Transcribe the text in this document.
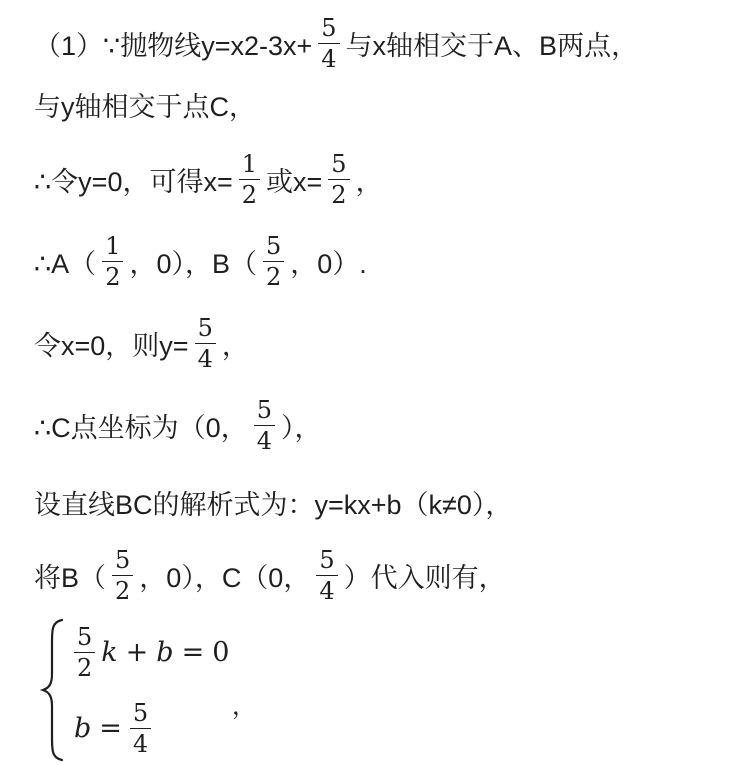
（1）∵抛物线$y=x2-3x+ \frac{5}{4}$ 与x轴相交于A、B两点，
与y轴相交于点C，
∴令y=0，可得$x= \frac{1}{2}$ 或$x= \frac{5}{2}$ ，
∴A（ $\frac{1}{2}$ ，0），$B( \frac{5}{2}$ ，0）.
令x=0，则$y= \frac{5}{4}$ ，
∴C点坐标为（0， $\frac{5}{4}$ ），
设直线BC的解析式为：y=kx+b（k≠0），
将$B( \frac{5}{2}$ ，0），C（0， $\frac{5}{4}$ ）代入则有，
$\frac{5}{2}$ k + b = 0
$b = \frac{5}{4}$	，
